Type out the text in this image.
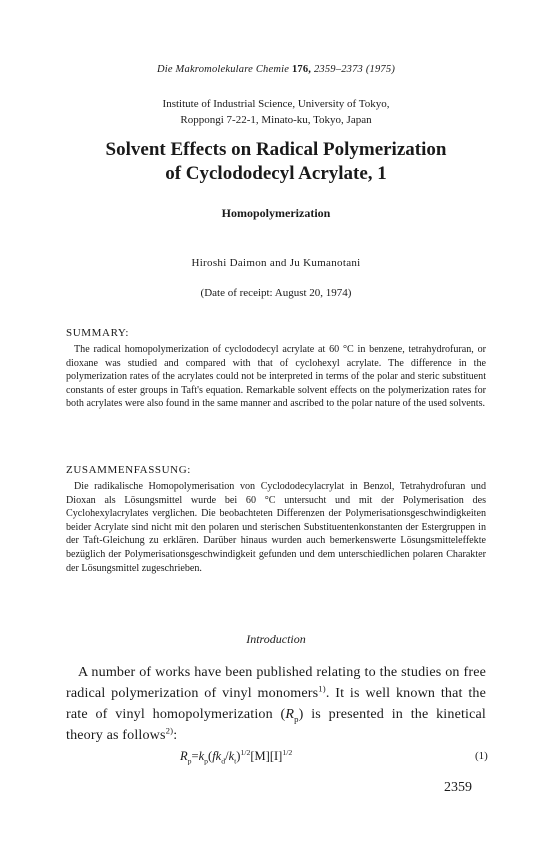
Die Makromolekulare Chemie 176, 2359–2373 (1975)
Institute of Industrial Science, University of Tokyo,
Roppongi 7-22-1, Minato-ku, Tokyo, Japan
Solvent Effects on Radical Polymerization
of Cyclododecyl Acrylate, 1
Homopolymerization
Hiroshi Daimon and Ju Kumanotani
(Date of receipt: August 20, 1974)
SUMMARY:

The radical homopolymerization of cyclododecyl acrylate at 60 °C in benzene, tetrahydrofuran, or dioxane was studied and compared with that of cyclohexyl acrylate. The difference in the polymerization rates of the acrylates could not be interpreted in terms of the polar and steric substituent constants of ester groups in Taft's equation. Remarkable solvent effects on the polymerization rates for both acrylates were also found in the same manner and ascribed to the polar nature of the used solvents.

ZUSAMMENFASSUNG:

Die radikalische Homopolymerisation von Cyclododecylacrylat in Benzol, Tetrahydrofuran und Dioxan als Lösungsmittel wurde bei 60 °C untersucht und mit der Polymerisation des Cyclohexylacrylates verglichen. Die beobachteten Differenzen der Polymerisationsgeschwindigkeiten beider Acrylate sind nicht mit den polaren und sterischen Substituentenkonstanten der Estergruppen in der Taft-Gleichung zu erklären. Darüber hinaus wurden auch bemerkenswerte Lösungsmitteleffekte bezüglich der Polymerisationsgeschwindigkeit gefunden und dem unterschiedlichen polaren Charakter der Lösungsmittel zugeschrieben.

Introduction

A number of works have been published relating to the studies on free radical polymerization of vinyl monomers$^{1)}$. It is well known that the rate of vinyl homopolymerization $(R_p)$ is presented in the kinetical theory as follows$^{2)}$:

$R_p=k_p(fk_d/k_t)^{1/2}[M][I]^{1/2}$	(1)
2359
